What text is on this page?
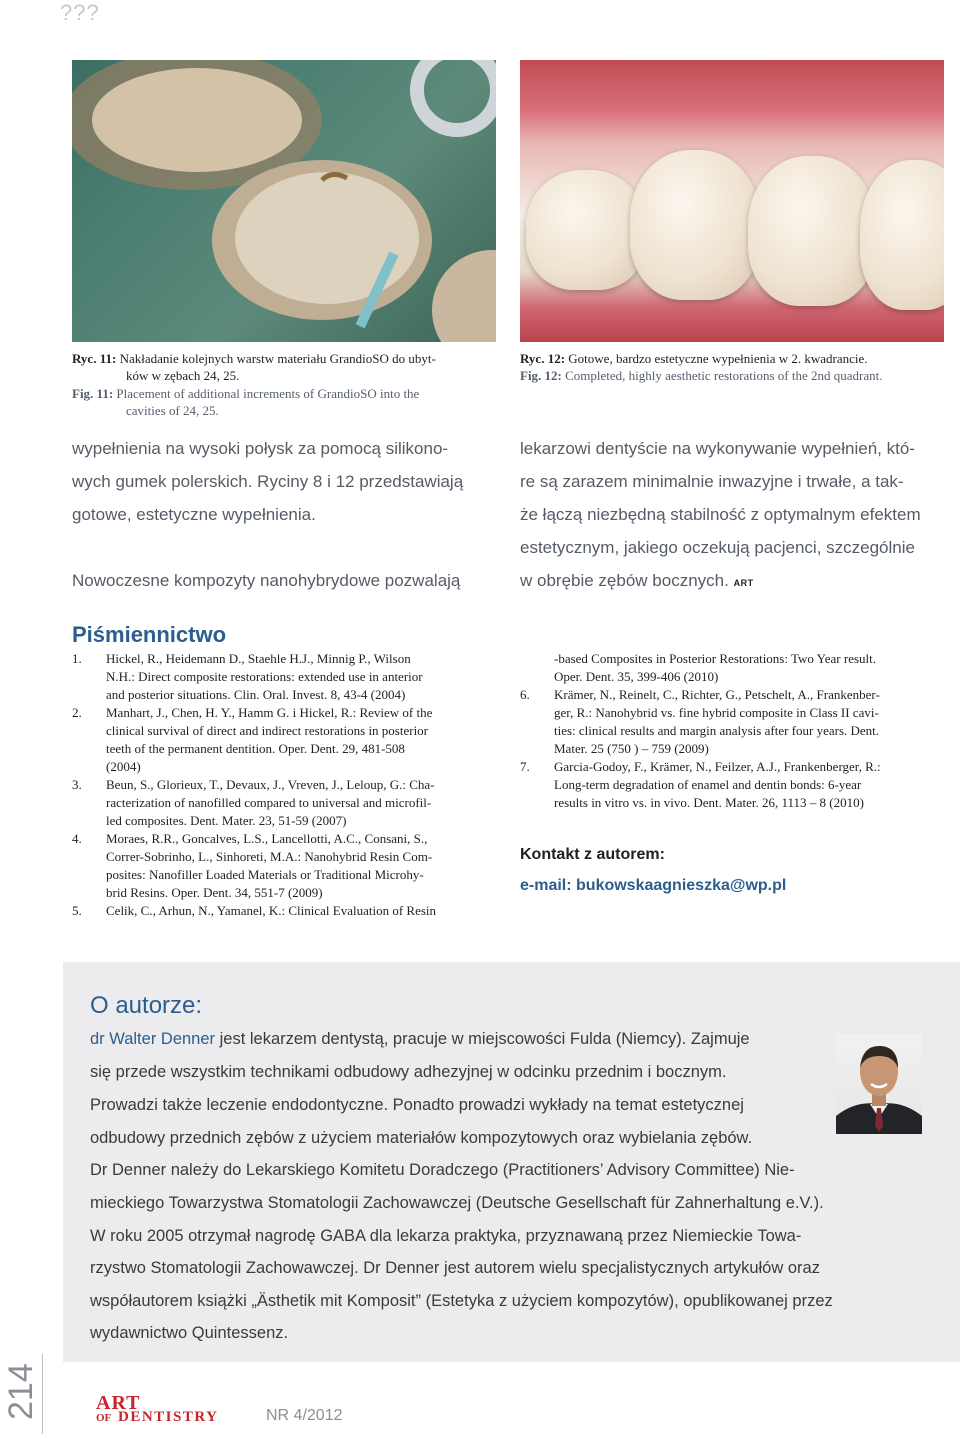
???
Ryc. 11: Nakładanie kolejnych warstw materiału GrandioSO do ubyt-
ków w zębach 24, 25.
Fig. 11: Placement of additional increments of GrandioSO into the
cavities of 24, 25.
Ryc. 12: Gotowe, bardzo estetyczne wypełnienia w 2. kwadrancie.
Fig. 12: Completed, highly aesthetic restorations of the 2nd quadrant.
wypełnienia na wysoki połysk za pomocą silikono-
wych gumek polerskich. Ryciny 8 i 12 przedstawiają
gotowe, estetyczne wypełnienia.
Nowoczesne kompozyty nanohybrydowe pozwalają
lekarzowi dentyście na wykonywanie wypełnień, któ-
re są zarazem minimalnie inwazyjne i trwałe, a tak-
że łączą niezbędną stabilność z optymalnym efektem
estetycznym, jakiego oczekują pacjenci, szczególnie
w obrębie zębów bocznych. ART
Piśmiennictwo
1. Hickel, R., Heidemann D., Staehle H.J., Minnig P., Wilson
N.H.: Direct composite restorations: extended use in anterior
and posterior situations. Clin. Oral. Invest. 8, 43-4 (2004)
2. Manhart, J., Chen, H. Y., Hamm G. i Hickel, R.: Review of the
clinical survival of direct and indirect restorations in posterior
teeth of the permanent dentition. Oper. Dent. 29, 481-508
(2004)
3. Beun, S., Glorieux, T., Devaux, J., Vreven, J., Leloup, G.: Cha-
racterization of nanofilled compared to universal and microfil-
led composites. Dent. Mater. 23, 51-59 (2007)
4. Moraes, R.R., Goncalves, L.S., Lancellotti, A.C., Consani, S.,
Correr-Sobrinho, L., Sinhoreti, M.A.: Nanohybrid Resin Com-
posites: Nanofiller Loaded Materials or Traditional Microhy-
brid Resins. Oper. Dent. 34, 551-7 (2009)
5. Celik, C., Arhun, N., Yamanel, K.: Clinical Evaluation of Resin
-based Composites in Posterior Restorations: Two Year result.
Oper. Dent. 35, 399-406 (2010)
6. Krämer, N., Reinelt, C., Richter, G., Petschelt, A., Frankenber-
ger, R.: Nanohybrid vs. fine hybrid composite in Class II cavi-
ties: clinical results and margin analysis after four years. Dent.
Mater. 25 (750 ) – 759 (2009)
7. Garcia-Godoy, F., Krämer, N., Feilzer, A.J., Frankenberger, R.:
Long-term degradation of enamel and dentin bonds: 6-year
results in vitro vs. in vivo. Dent. Mater. 26, 1113 – 8 (2010)
Kontakt z autorem:
e-mail: bukowskaagnieszka@wp.pl
O autorze:
dr Walter Denner jest lekarzem dentystą, pracuje w miejscowości Fulda (Niemcy). Zajmuje
się przede wszystkim technikami odbudowy adhezyjnej w odcinku przednim i bocznym.
Prowadzi także leczenie endodontyczne. Ponadto prowadzi wykłady na temat estetycznej
odbudowy przednich zębów z użyciem materiałów kompozytowych oraz wybielania zębów.
Dr Denner należy do Lekarskiego Komitetu Doradczego (Practitioners’ Advisory Committee) Nie-
mieckiego Towarzystwa Stomatologii Zachowawczej (Deutsche Gesellschaft für Zahnerhaltung e.V.).
W roku 2005 otrzymał nagrodę GABA dla lekarza praktyka, przyznawaną przez Niemieckie Towa-
rzystwo Stomatologii Zachowawczej. Dr Denner jest autorem wielu specjalistycznych artykułów oraz
współautorem książki „Ästhetik mit Komposit” (Estetyka z użyciem kompozytów), opublikowanej przez
wydawnictwo Quintessenz.
214	ART
OF DENTISTRY	NR 4/2012
